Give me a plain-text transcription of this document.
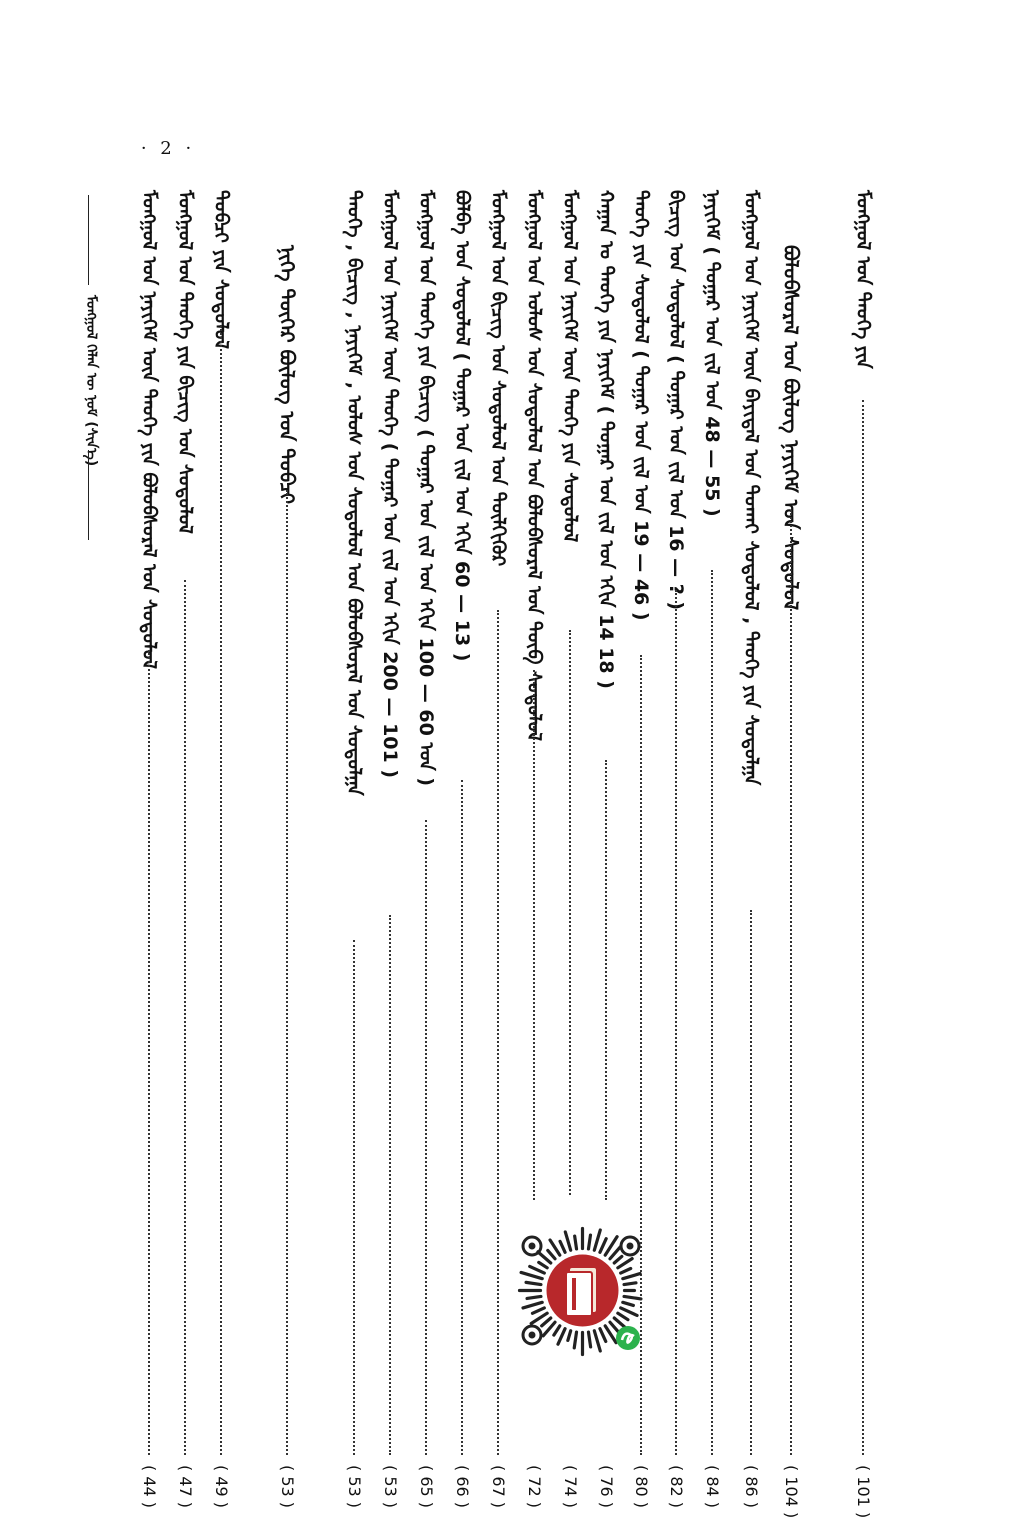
· 2 ·
ᠮᠣᠩᠭᠣᠯ ᠤᠨ ᠲᠡᠦᠬᠡ ᠶᠢᠨ
( 101 )
ᠪᠣᠯᠣᠪᠰᠤᠷᠠᠯ ᠤᠨ ᠪᠦᠯᠦᠭ ᠨᠡᠶᠢᠭᠡᠮ ᠤᠨ ᠰᠤᠳᠤᠯᠤᠯ
( 104 )
ᠮᠣᠩᠭᠣᠯ ᠤᠨ ᠨᠡᠶᠢᠭᠡᠮ ᠦᠨ ᠪᠠᠶᠢᠳᠠᠯ ᠤᠨ ᠲᠤᠬᠠᠢ ᠰᠤᠳᠤᠯᠤᠯ , ᠲᠡᠦᠬᠡ ᠶᠢᠨ ᠰᠤᠳᠤᠯᠭᠠ
( 86 )
ᠨᠡᠶᠢᠭᠡᠮ ( ᠳᠤᠭᠠᠷ ᠤᠨ ᠵᠢᠯ ᠤᠨ 48 — 55 )
( 84 )
ᠪᠢᠴᠢᠭ ᠤᠨ ᠰᠤᠳᠤᠯᠤᠯ ( ᠳᠤᠭᠠᠷ ᠤᠨ ᠵᠢᠯ ᠤᠨ 16 — ? )
( 82 )
ᠲᠡᠦᠬᠡ ᠶᠢᠨ ᠰᠤᠳᠤᠯᠤᠯ ( ᠳᠤᠭᠠᠷ ᠤᠨ ᠵᠢᠯ ᠤᠨ 19 — 46 )
( 80 )
ᠬᠠᠭᠠᠨ ᠤ ᠲᠡᠦᠬᠡ ᠶᠢᠨ ᠨᠡᠶᠢᠭᠡᠮ ( ᠳᠤᠭᠠᠷ ᠤᠨ ᠵᠢᠯ ᠤᠨ ᠡᠬᠢᠨ 14 18 )
( 76 )
ᠮᠣᠩᠭᠣᠯ ᠤᠨ ᠨᠡᠶᠢᠭᠡᠮ ᠦᠨ ᠲᠡᠦᠬᠡ ᠶᠢᠨ ᠰᠤᠳᠤᠯᠤᠯ
( 74 )
ᠮᠣᠩᠭᠣᠯ ᠤᠨ ᠤᠯᠤᠰ ᠤᠨ ᠰᠤᠳᠤᠯᠤᠯ ᠤᠨ ᠪᠣᠯᠣᠪᠰᠤᠷᠠᠯ ᠤᠨ ᠲᠦᠪ ᠰᠤᠳᠤᠯᠤᠯ
( 72 )
ᠮᠣᠩᠭᠣᠯ ᠤᠨ ᠪᠢᠴᠢᠭ ᠤᠨ ᠰᠤᠳᠤᠯᠤᠯ ᠤᠨ ᠲᠦᠯᠬᠢᠭᠦᠷ
( 67 )
ᠪᠣᠯᠪᠠ ᠤᠨ ᠰᠤᠳᠤᠯᠤᠯ ( ᠳᠤᠭᠠᠷ ᠤᠨ ᠵᠢᠯ ᠤᠨ ᠡᠬᠢᠨ 60 — 13 )
( 66 )
ᠮᠣᠩᠭᠣᠯ ᠤᠨ ᠲᠡᠦᠬᠡ ᠶᠢᠨ ᠪᠢᠴᠢᠭ ( ᠳᠤᠭᠠᠷ ᠤᠨ ᠵᠢᠯ ᠤᠨ ᠡᠬᠢᠨ 100 — 60 ᠣᠨ )
( 65 )
ᠮᠣᠩᠭᠣᠯ ᠤᠨ ᠨᠡᠶᠢᠭᠡᠮ ᠦᠨ ᠲᠡᠦᠬᠡ ( ᠳᠤᠭᠠᠷ ᠤᠨ ᠵᠢᠯ ᠤᠨ ᠡᠬᠢᠨ 200 — 101 )
( 53 )
ᠲᠡᠦᠬᠡ , ᠪᠢᠴᠢᠭ , ᠨᠡᠶᠢᠭᠡᠮ , ᠤᠯᠤᠰ ᠤᠨ ᠰᠤᠳᠤᠯᠤᠯ ᠤᠨ ᠪᠣᠯᠣᠪᠰᠤᠷᠠᠯ ᠤᠨ ᠰᠤᠳᠤᠯᠭᠠ
( 53 )
ᠨᠢᠭᠡ ᠳᠦᠭᠡᠷ ᠪᠦᠯᠦᠭ ᠤᠨ ᠲᠣᠪᠴᠢ
( 53 )
ᠲᠣᠪᠴᠢ ᠶᠢᠨ ᠰᠤᠳᠤᠯᠤᠯ
( 49 )
ᠮᠣᠩᠭᠣᠯ ᠤᠨ ᠲᠡᠦᠬᠡ ᠶᠢᠨ ᠪᠢᠴᠢᠭ ᠤᠨ ᠰᠤᠳᠤᠯᠤᠯ
( 47 )
ᠮᠣᠩᠭᠣᠯ ᠤᠨ ᠨᠡᠶᠢᠭᠡᠮ ᠦᠨ ᠲᠡᠦᠬᠡ ᠶᠢᠨ ᠪᠣᠯᠣᠪᠰᠤᠷᠠᠯ ᠤᠨ ᠰᠤᠳᠤᠯᠤᠯ
( 44 )
ᠮᠣᠩᠭᠣᠯ ᠬᠡᠯᠡᠨ ᠦ ᠨᠣᠮ (ᠰᠢᠨ᠎ᠡ)
